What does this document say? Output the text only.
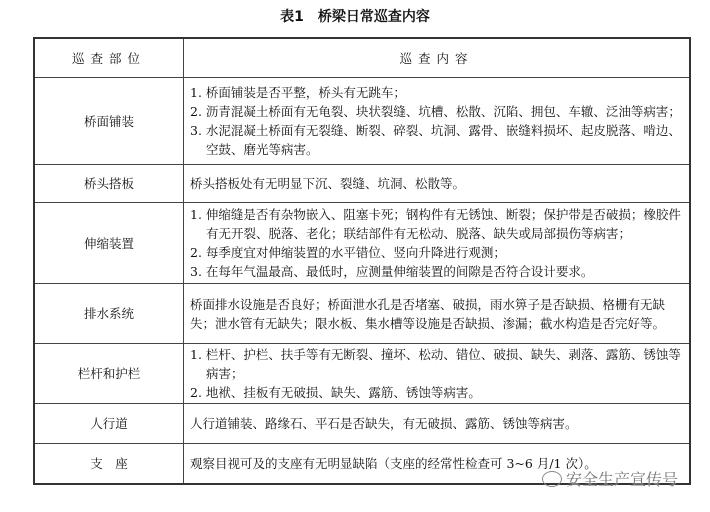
表1　桥梁日常巡查内容
巡查部位	巡查内容
桥面铺装	1. 桥面铺装是否平整，桥头有无跳车；
2. 沥青混凝土桥面有无龟裂、块状裂缝、坑槽、松散、沉陷、拥包、车辙、泛油等病害；
3. 水泥混凝土桥面有无裂缝、断裂、碎裂、坑洞、露骨、嵌缝料损坏、起皮脱落、啃边、空鼓、磨光等病害。

桥头搭板	桥头搭板处有无明显下沉、裂缝、坑洞、松散等。

伸缩装置	1. 伸缩缝是否有杂物嵌入、阻塞卡死；钢构件有无锈蚀、断裂；保护带是否破损；橡胶件有无开裂、脱落、老化；联结部件有无松动、脱落、缺失或局部损伤等病害；
2. 每季度宜对伸缩装置的水平错位、竖向升降进行观测；
3. 在每年气温最高、最低时，应测量伸缩装置的间隙是否符合设计要求。

排水系统	桥面排水设施是否良好；桥面泄水孔是否堵塞、破损，雨水箅子是否缺损、格栅有无缺失；泄水管有无缺失；限水板、集水槽等设施是否缺损、渗漏；截水构造是否完好等。

栏杆和护栏	1. 栏杆、护栏、扶手等有无断裂、撞坏、松动、错位、破损、缺失、剥落、露筋、锈蚀等病害；
2. 地袱、挂板有无破损、缺失、露筋、锈蚀等病害。

人行道	人行道铺装、路缘石、平石是否缺失，有无破损、露筋、锈蚀等病害。

支　座	观察目视可及的支座有无明显缺陷（支座的经常性检查可 3~6 月/1 次）。
安全生产宣传号
